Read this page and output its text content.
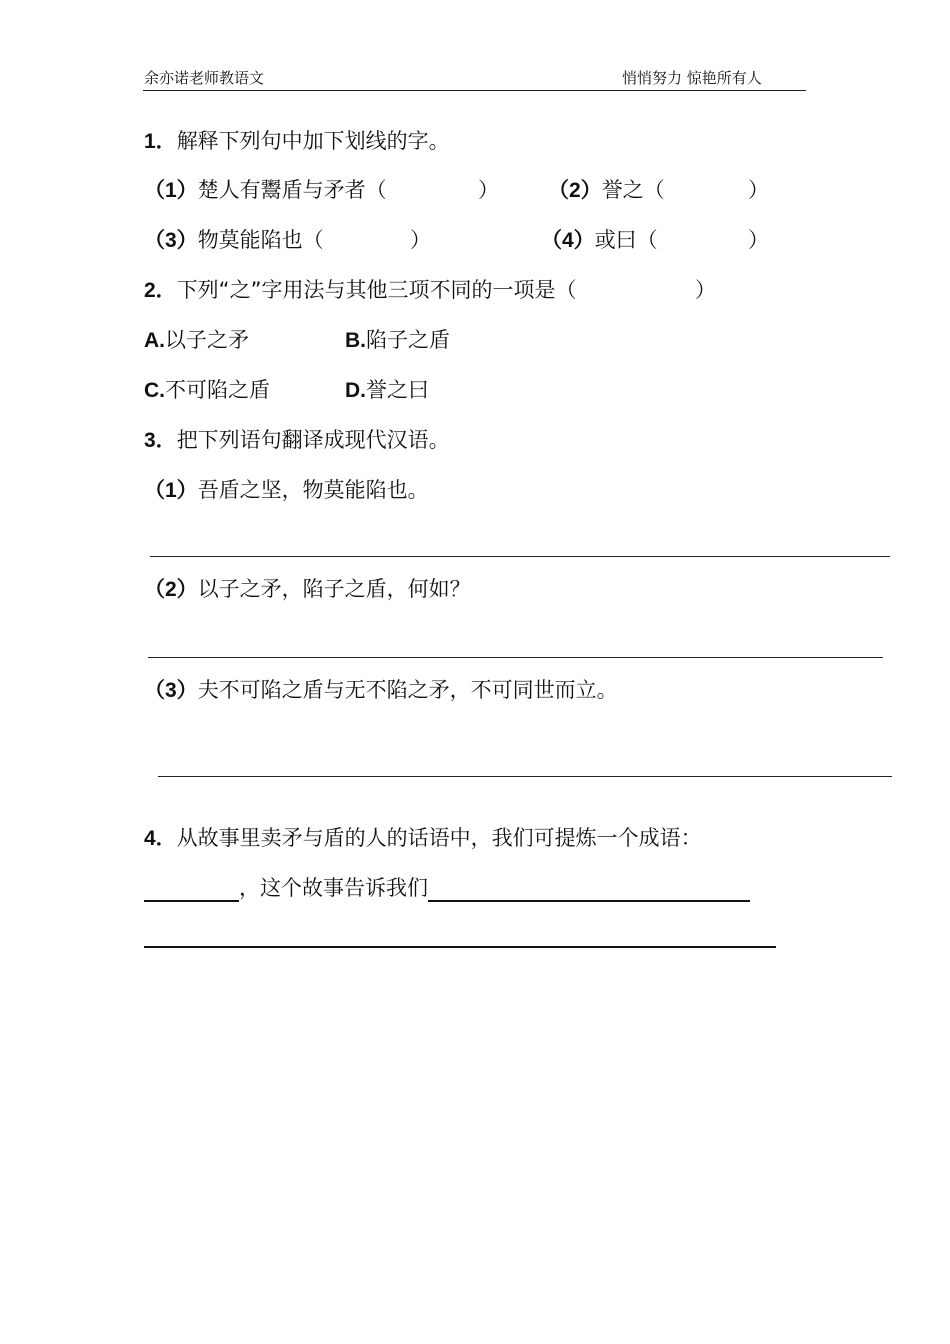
余亦诺老师教语文	悄悄努力 惊艳所有人
1．解释下列句中加下划线的字。
（1）楚人有鬻盾与矛者（	） （2）誉之（	）
（3）物莫能陷也（	）	（4）或曰（	）
2．下列“之”字用法与其他三项不同的一项是（	）
A.以子之矛	B.陷子之盾
C.不可陷之盾	D.誉之曰
3．把下列语句翻译成现代汉语。
（1）吾盾之坚，物莫能陷也。
（2）以子之矛，陷子之盾，何如？
（3）夫不可陷之盾与无不陷之矛，不可同世而立。
4．从故事里卖矛与盾的人的话语中，我们可提炼一个成语：
，这个故事告诉我们
